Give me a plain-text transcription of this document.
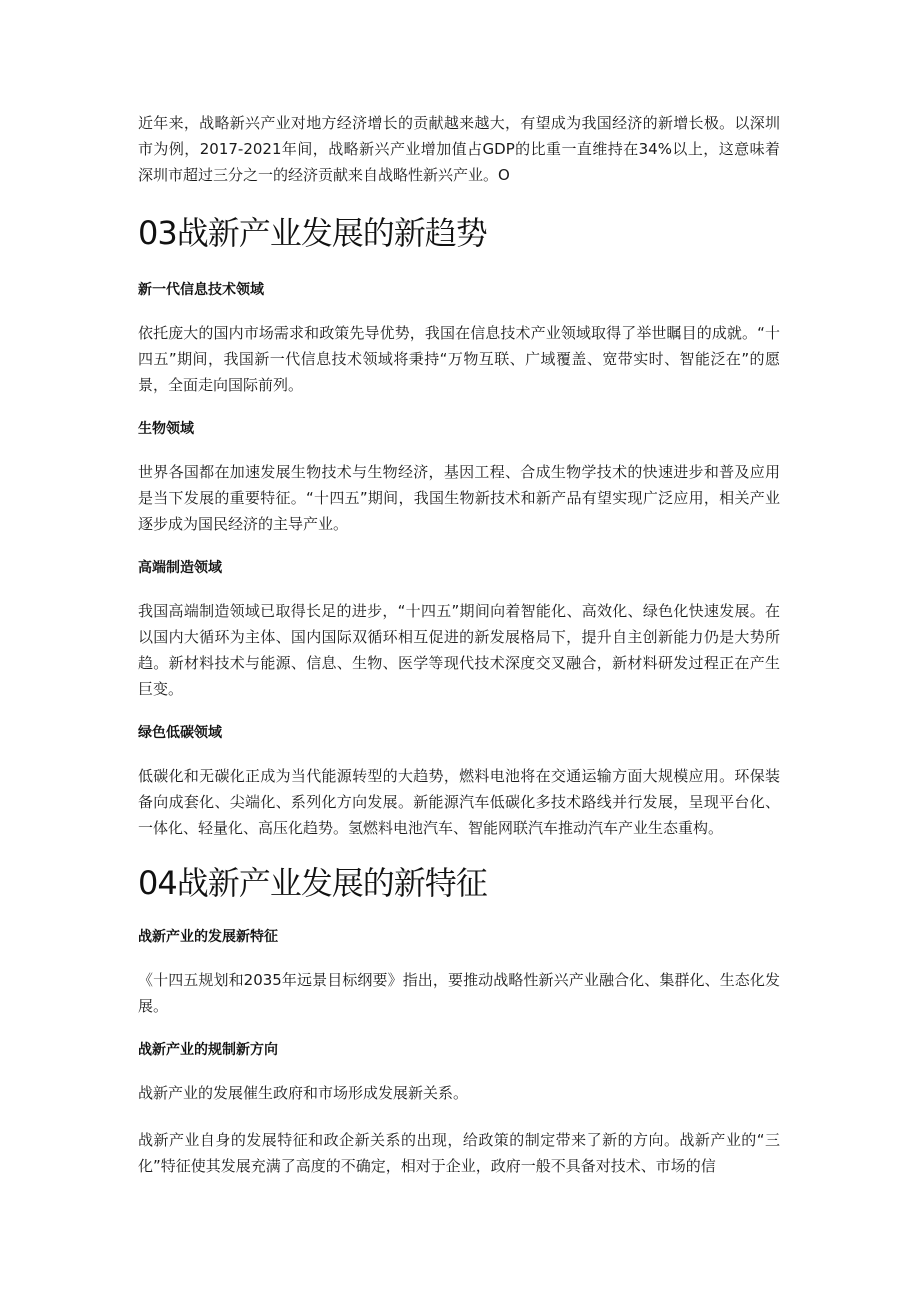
近年来，战略新兴产业对地方经济增长的贡献越来越大，有望成为我国经济的新增长极。以深圳市为例，2017-2021年间，战略新兴产业增加值占GDP的比重一直维持在34%以上，这意味着深圳市超过三分之一的经济贡献来自战略性新兴产业。O

03战新产业发展的新趋势
新一代信息技术领域

依托庞大的国内市场需求和政策先导优势，我国在信息技术产业领域取得了举世瞩目的成就。“十四五”期间，我国新一代信息技术领域将秉持“万物互联、广域覆盖、宽带实时、智能泛在”的愿景，全面走向国际前列。

生物领域

世界各国都在加速发展生物技术与生物经济，基因工程、合成生物学技术的快速进步和普及应用是当下发展的重要特征。“十四五”期间，我国生物新技术和新产品有望实现广泛应用，相关产业逐步成为国民经济的主导产业。

高端制造领域

我国高端制造领域已取得长足的进步，“十四五”期间向着智能化、高效化、绿色化快速发展。在以国内大循环为主体、国内国际双循环相互促进的新发展格局下，提升自主创新能力仍是大势所趋。新材料技术与能源、信息、生物、医学等现代技术深度交叉融合，新材料研发过程正在产生巨变。

绿色低碳领域

低碳化和无碳化正成为当代能源转型的大趋势，燃料电池将在交通运输方面大规模应用。环保装备向成套化、尖端化、系列化方向发展。新能源汽车低碳化多技术路线并行发展，呈现平台化、一体化、轻量化、高压化趋势。氢燃料电池汽车、智能网联汽车推动汽车产业生态重构。

04战新产业发展的新特征
战新产业的发展新特征

《十四五规划和2035年远景目标纲要》指出，要推动战略性新兴产业融合化、集群化、生态化发展。

战新产业的规制新方向

战新产业的发展催生政府和市场形成发展新关系。

战新产业自身的发展特征和政企新关系的出现，给政策的制定带来了新的方向。战新产业的“三化”特征使其发展充满了高度的不确定，相对于企业，政府一般不具备对技术、市场的信
